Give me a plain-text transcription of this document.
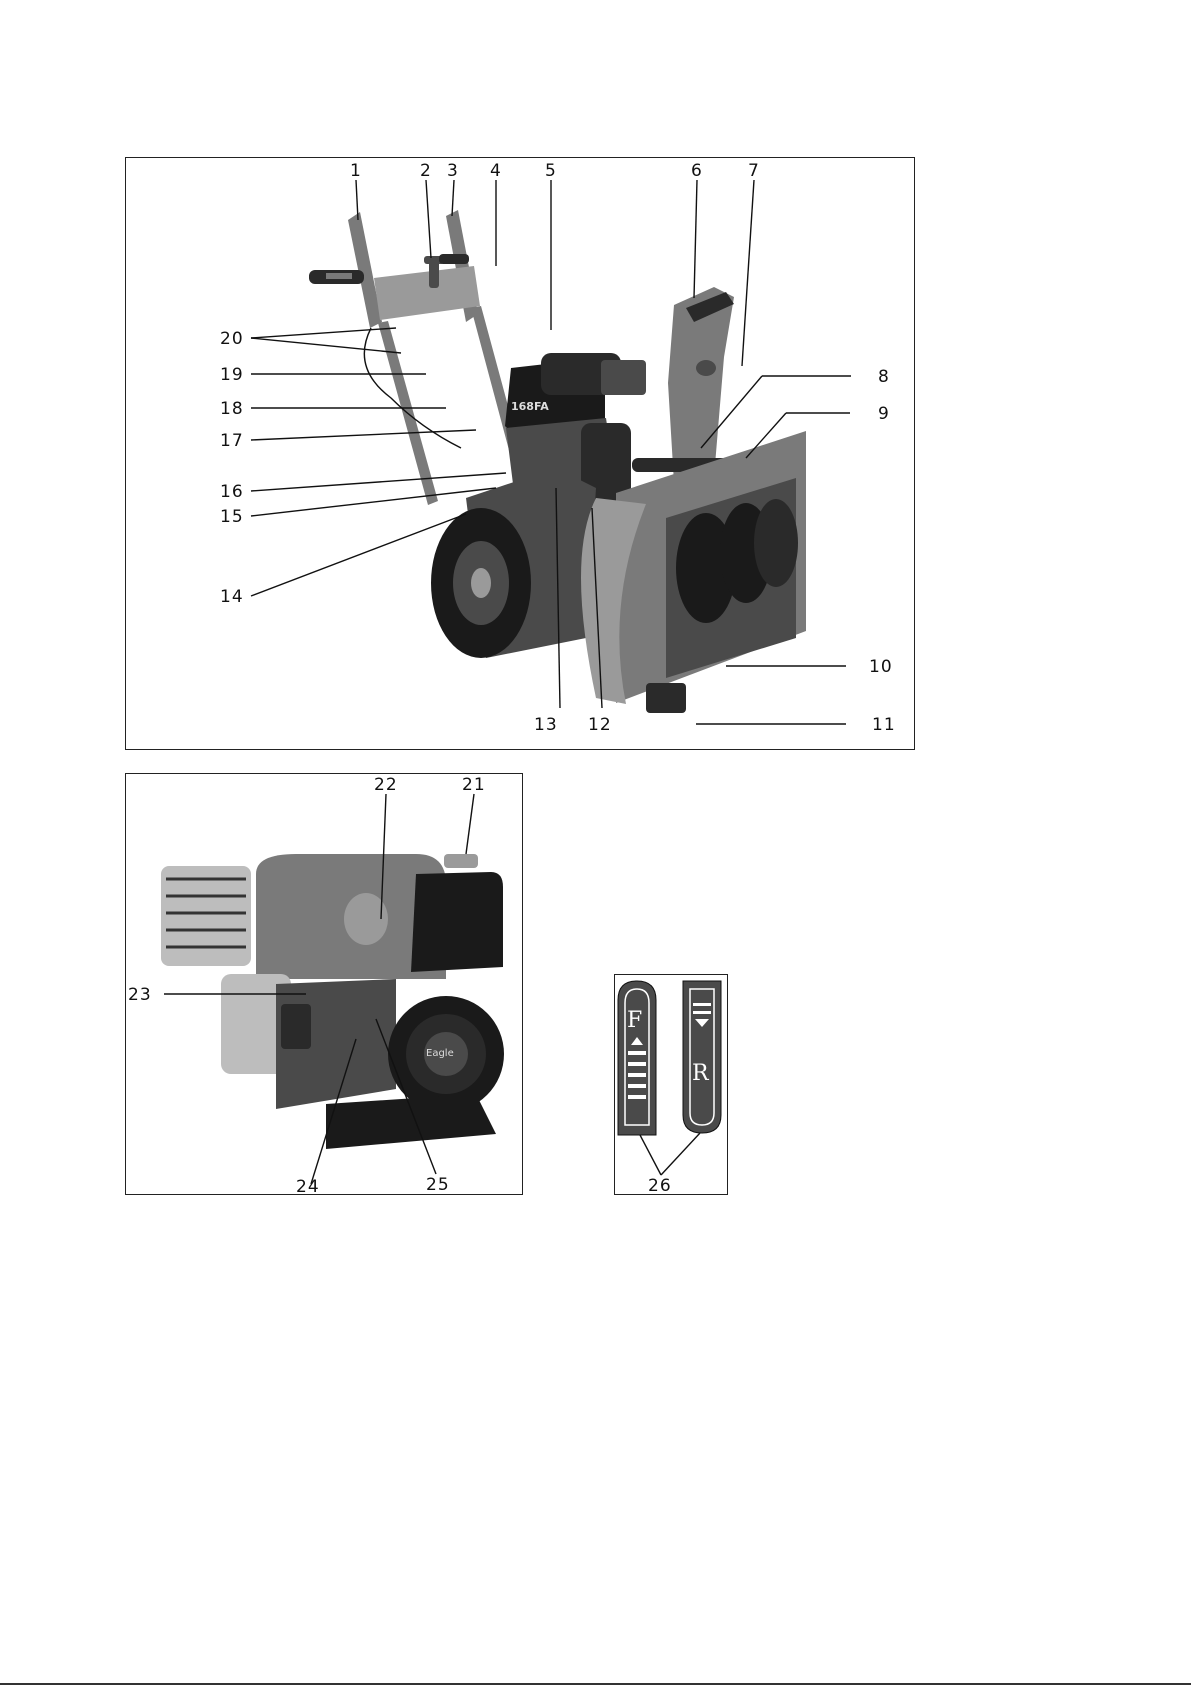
168FA
1	2 3 4	5	6	7
8
9
10
11
12
13
14
15
16
17
18
19
20
Eagle
22	21
23
24	25
F
R
26
